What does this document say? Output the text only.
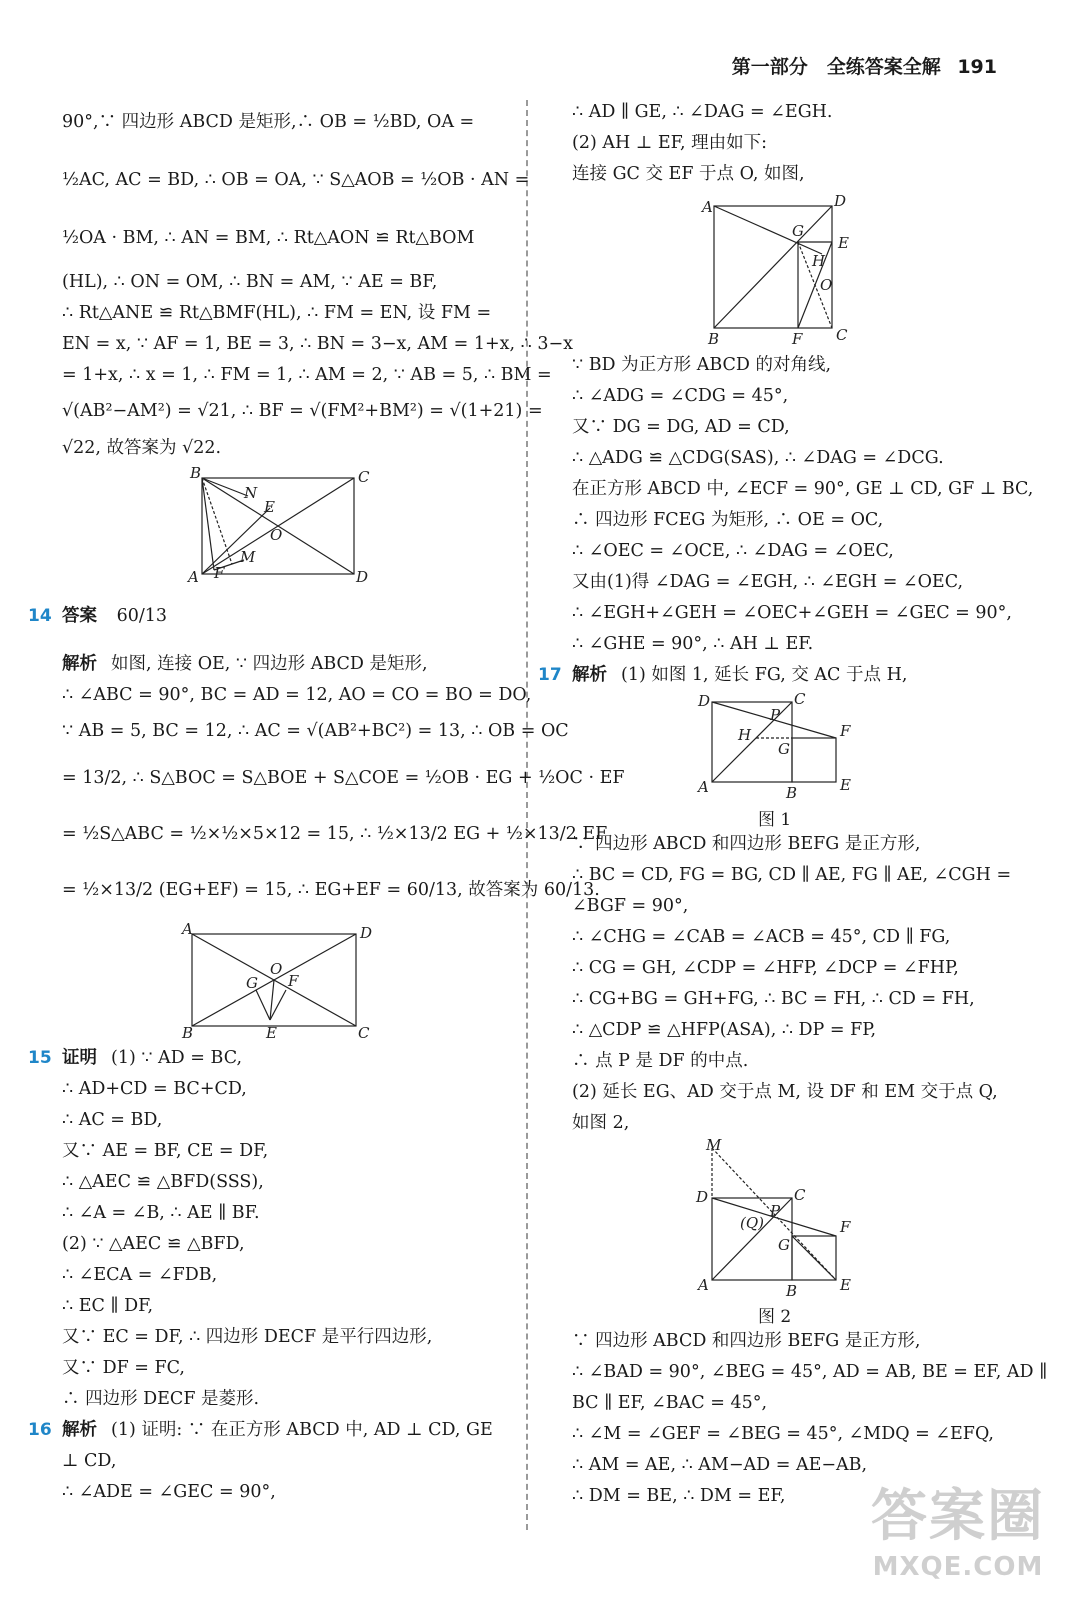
第一部分　全练答案全解 191
90°,∵ 四边形 ABCD 是矩形,∴ OB = ½BD, OA =
½AC, AC = BD, ∴ OB = OA, ∵ S△AOB = ½OB · AN =
½OA · BM, ∴ AN = BM, ∴ Rt△AON ≌ Rt△BOM
(HL), ∴ ON = OM, ∴ BN = AM, ∵ AE = BF,
∴ Rt△ANE ≌ Rt△BMF(HL), ∴ FM = EN, 设 FM =
EN = x, ∵ AF = 1, BE = 3, ∴ BN = 3−x, AM = 1+x, ∴ 3−x
= 1+x, ∴ x = 1, ∴ FM = 1, ∴ AM = 2, ∵ AB = 5, ∴ BM =
√(AB²−AM²) = √21, ∴ BF = √(FM²+BM²) = √(1+21) =
√22, 故答案为 √22.
B	C
N
E
O
M
A F	D
14 答案 60/13
解析 如图, 连接 OE, ∵ 四边形 ABCD 是矩形,
∴ ∠ABC = 90°, BC = AD = 12, AO = CO = BO = DO,
∵ AB = 5, BC = 12, ∴ AC = √(AB²+BC²) = 13, ∴ OB = OC
= 13/2, ∴ S△BOC = S△BOE + S△COE = ½OB · EG + ½OC · EF
= ½S△ABC = ½×½×5×12 = 15, ∴ ½×13/2 EG + ½×13/2 EF
= ½×13/2 (EG+EF) = 15, ∴ EG+EF = 60/13, 故答案为 60/13.
A	D
O
G F
B	E	C
15 证明 (1) ∵ AD = BC,
∴ AD+CD = BC+CD,
∴ AC = BD,
又∵ AE = BF, CE = DF,
∴ △AEC ≌ △BFD(SSS),
∴ ∠A = ∠B, ∴ AE ∥ BF.
(2) ∵ △AEC ≌ △BFD,
∴ ∠ECA = ∠FDB,
∴ EC ∥ DF,
又∵ EC = DF, ∴ 四边形 DECF 是平行四边形,
又∵ DF = FC,
∴ 四边形 DECF 是菱形.
16 解析 (1) 证明: ∵ 在正方形 ABCD 中, AD ⊥ CD, GE
⊥ CD,
∴ ∠ADE = ∠GEC = 90°,
∴ AD ∥ GE, ∴ ∠DAG = ∠EGH.
(2) AH ⊥ EF, 理由如下:
连接 GC 交 EF 于点 O, 如图,
A	D
G
E
H
O
B	F C
∵ BD 为正方形 ABCD 的对角线,
∴ ∠ADG = ∠CDG = 45°,
又∵ DG = DG, AD = CD,
∴ △ADG ≌ △CDG(SAS), ∴ ∠DAG = ∠DCG.
在正方形 ABCD 中, ∠ECF = 90°, GE ⊥ CD, GF ⊥ BC,
∴ 四边形 FCEG 为矩形, ∴ OE = OC,
∴ ∠OEC = ∠OCE, ∴ ∠DAG = ∠OEC,
又由(1)得 ∠DAG = ∠EGH, ∴ ∠EGH = ∠OEC,
∴ ∠EGH+∠GEH = ∠OEC+∠GEH = ∠GEC = 90°,
∴ ∠GHE = 90°, ∴ AH ⊥ EF.
17 解析 (1) 如图 1, 延长 FG, 交 AC 于点 H,
D	C
P
F
H
G
A	B	E
图 1
∵ 四边形 ABCD 和四边形 BEFG 是正方形,
∴ BC = CD, FG = BG, CD ∥ AE, FG ∥ AE, ∠CGH =
∠BGF = 90°,
∴ ∠CHG = ∠CAB = ∠ACB = 45°, CD ∥ FG,
∴ CG = GH, ∠CDP = ∠HFP, ∠DCP = ∠FHP,
∴ CG+BG = GH+FG, ∴ BC = FH, ∴ CD = FH,
∴ △CDP ≌ △HFP(ASA), ∴ DP = FP,
∴ 点 P 是 DF 的中点.
(2) 延长 EG、AD 交于点 M, 设 DF 和 EM 交于点 Q,
如图 2,
M
D	C
P
(Q)	F
G
A	B	E
图 2
∵ 四边形 ABCD 和四边形 BEFG 是正方形,
∴ ∠BAD = 90°, ∠BEG = 45°, AD = AB, BE = EF, AD ∥
BC ∥ EF, ∠BAC = 45°,
∴ ∠M = ∠GEF = ∠BEG = 45°, ∠MDQ = ∠EFQ,
∴ AM = AE, ∴ AM−AD = AE−AB,
∴ DM = BE, ∴ DM = EF, 答案圈
MXQE.COM
